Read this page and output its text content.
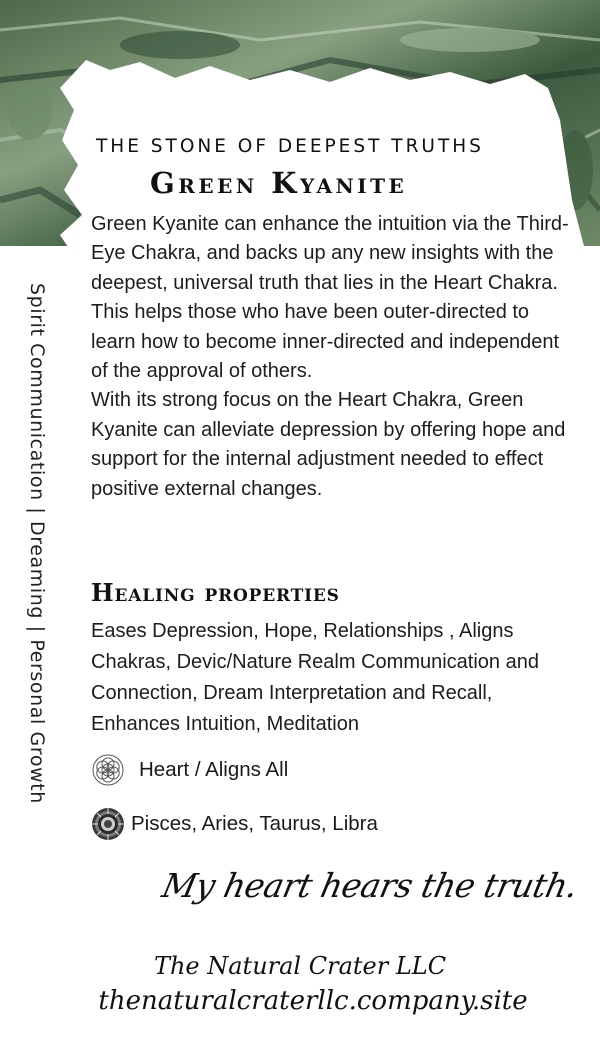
THE STONE OF DEEPEST TRUTHS
Green Kyanite
Spirit Communication | Dreaming | Personal Growth

Green Kyanite can enhance the intuition via the Third-Eye Chakra, and backs up any new insights with the deepest, universal truth that lies in the Heart Chakra. This helps those who have been outer-directed to learn how to become inner-directed and independent of the approval of others.

With its strong focus on the Heart Chakra, Green Kyanite can alleviate depression by offering hope and support for the internal adjustment needed to effect positive external changes.

Healing properties
Eases Depression, Hope, Relationships , Aligns Chakras, Devic/Nature Realm Communication and Connection, Dream Interpretation and Recall, Enhances Intuition, Meditation
Heart / Aligns All
Pisces, Aries, Taurus, Libra
My heart hears the truth.
The Natural Crater LLC
thenaturalcraterllc.company.site
